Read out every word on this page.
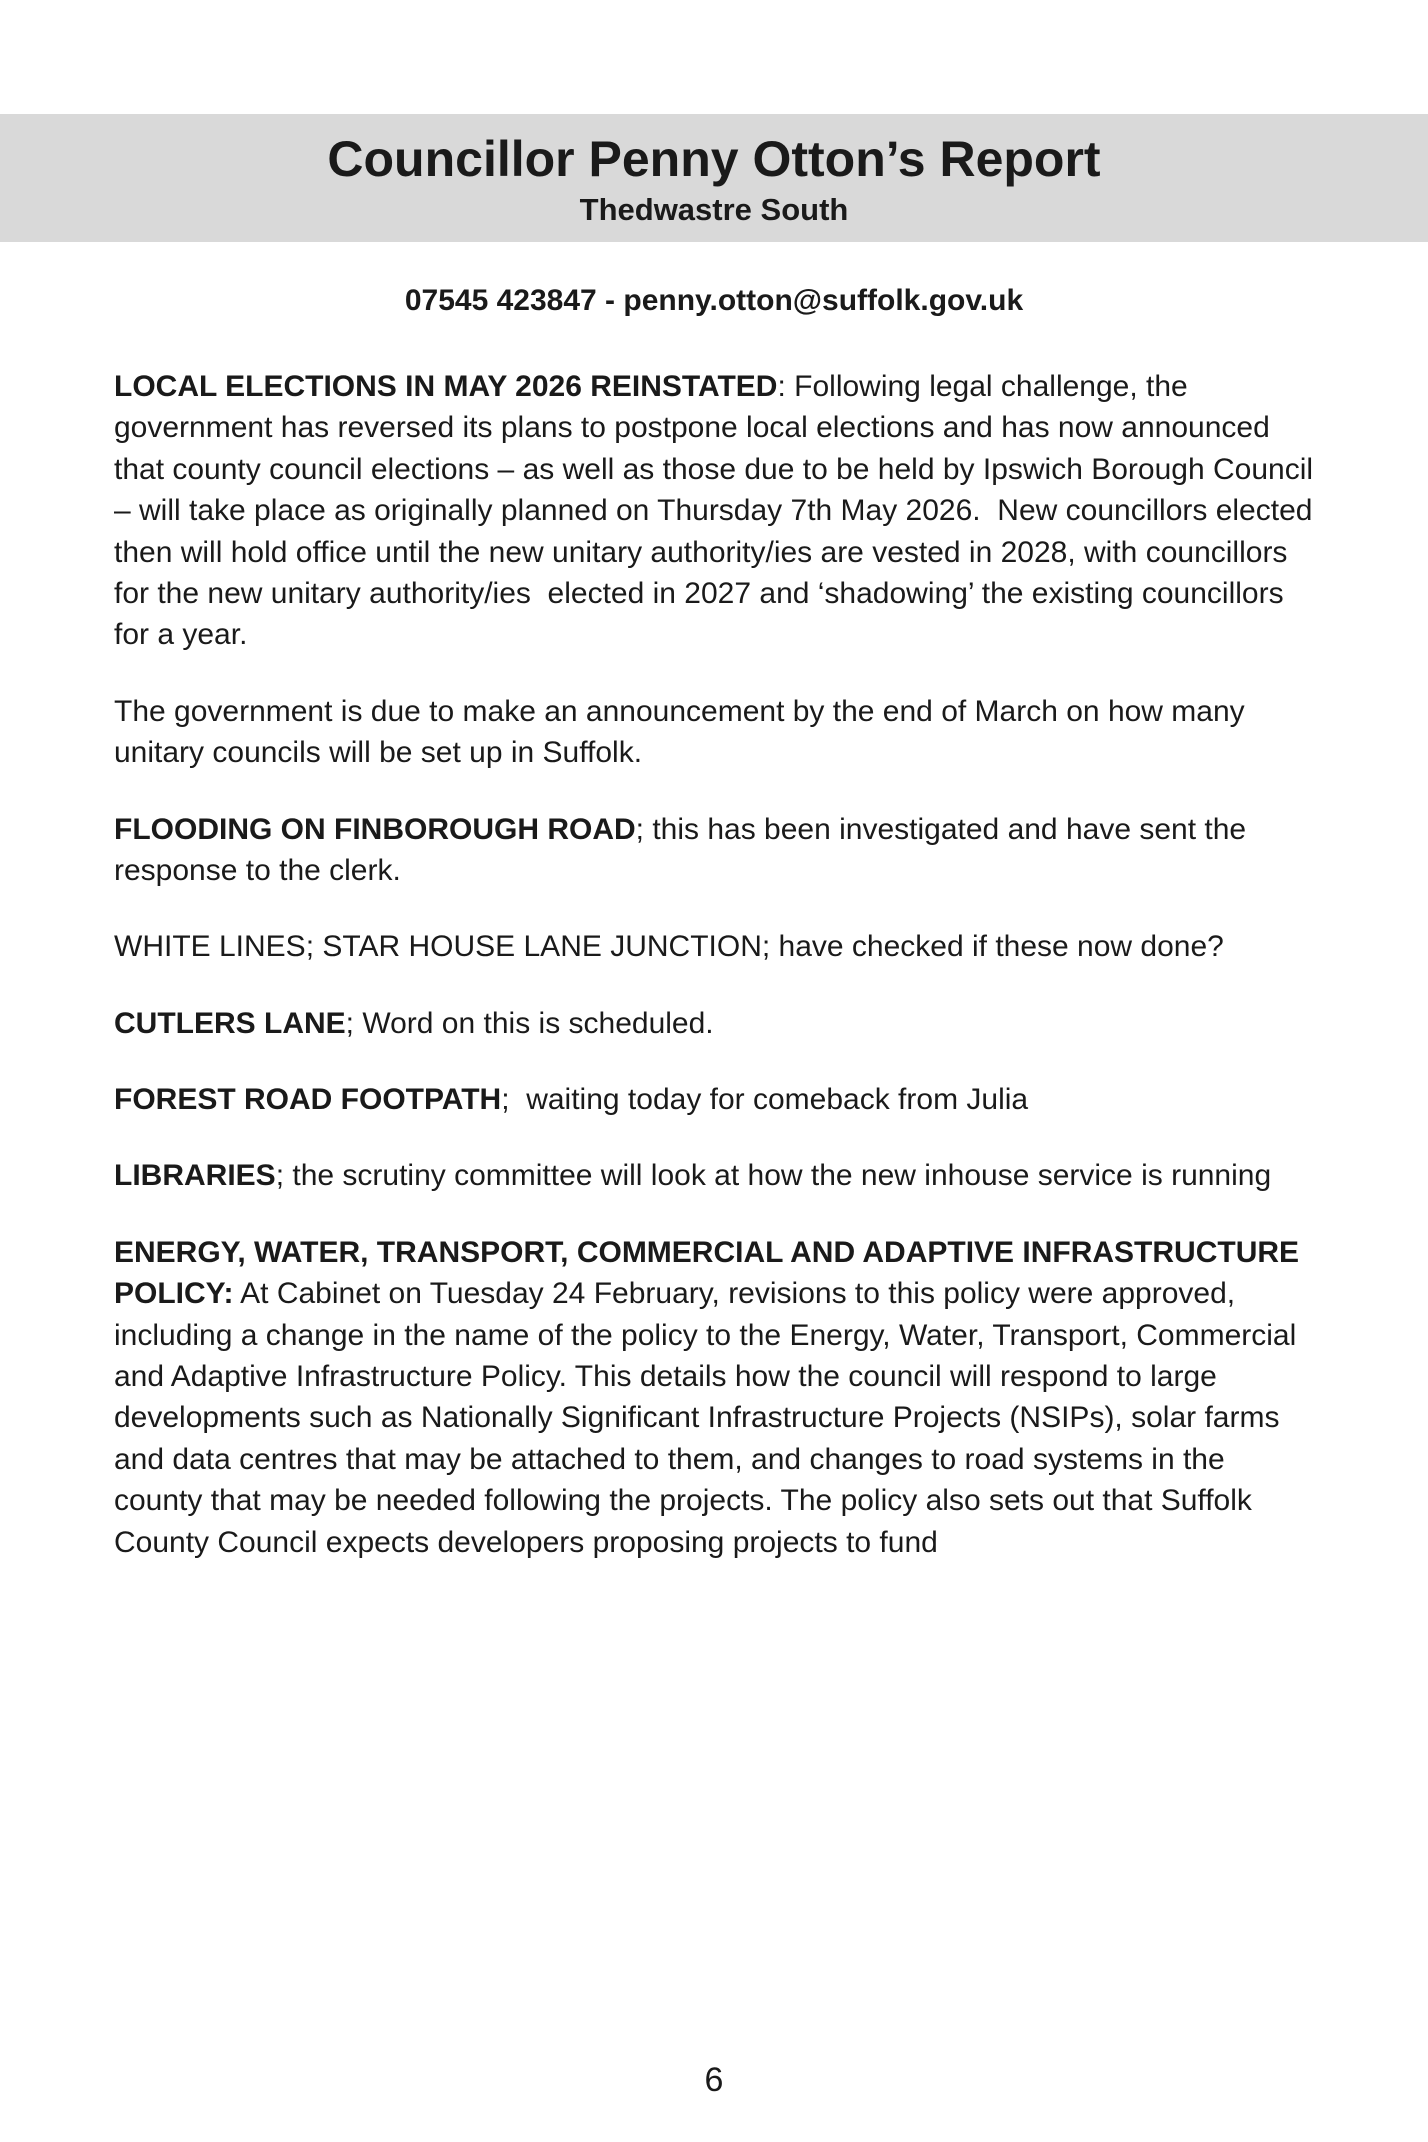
Councillor Penny Otton’s Report
Thedwastre South
07545 423847 - penny.otton@suffolk.gov.uk

LOCAL ELECTIONS IN MAY 2026 REINSTATED: Following legal challenge, the    government has reversed its plans to postpone local elections and has now announced that county council elections – as well as those due to be held by Ipswich Borough Council – will take place as originally planned on Thursday 7th May 2026.  New councillors elected then will hold office until the new unitary authority/ies are vested in 2028, with councillors for the new unitary authority/ies  elected in 2027 and ‘shadowing’ the existing councillors for a year.

The government is due to make an announcement by the end of March on how many unitary councils will be set up in Suffolk.

FLOODING ON FINBOROUGH ROAD; this has been investigated and have sent the response to the clerk.

WHITE LINES; STAR HOUSE LANE JUNCTION; have checked if these now done?

CUTLERS LANE; Word on this is scheduled.

FOREST ROAD FOOTPATH;  waiting today for comeback from Julia

LIBRARIES; the scrutiny committee will look at how the new inhouse service is running

ENERGY, WATER, TRANSPORT, COMMERCIAL AND ADAPTIVE INFRASTRUCTURE POLICY: At Cabinet on Tuesday 24 February, revisions to this policy were approved, including a change in the name of the policy to the Energy, Water, Transport, Commercial and Adaptive Infrastructure Policy. This details how the council will respond to large developments such as Nationally Significant Infrastructure Projects (NSIPs), solar farms and data centres that may be attached to them, and changes to road systems in the county that may be needed following the projects. The policy also sets out that Suffolk County Council expects developers proposing projects to fund

6
